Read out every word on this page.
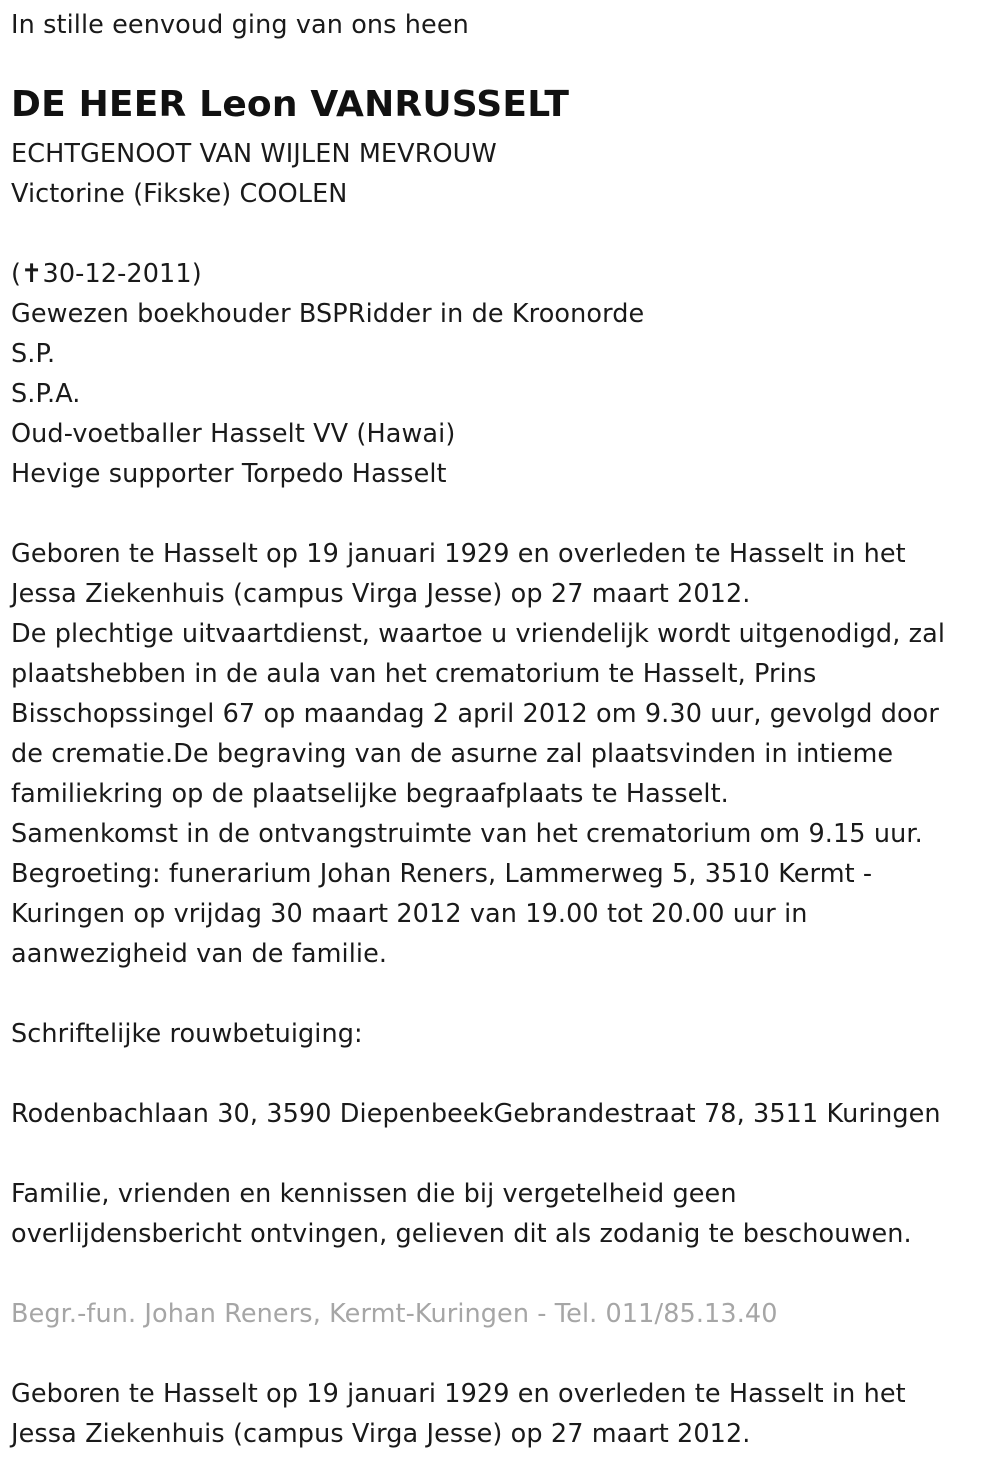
In stille eenvoud ging van ons heen
DE HEER Leon VANRUSSELT
ECHTGENOOT VAN WIJLEN MEVROUW
Victorine (Fikske) COOLEN
(✝30-12-2011)
Gewezen boekhouder BSPRidder in de Kroonorde
S.P.
S.P.A.
Oud-voetballer Hasselt VV (Hawai)
Hevige supporter Torpedo Hasselt
Geboren te Hasselt op 19 januari 1929 en overleden te Hasselt in het
Jessa Ziekenhuis (campus Virga Jesse) op 27 maart 2012.
De plechtige uitvaartdienst, waartoe u vriendelijk wordt uitgenodigd, zal
plaatshebben in de aula van het crematorium te Hasselt, Prins
Bisschopssingel 67 op maandag 2 april 2012 om 9.30 uur, gevolgd door
de crematie.De begraving van de asurne zal plaatsvinden in intieme
familiekring op de plaatselijke begraafplaats te Hasselt.
Samenkomst in de ontvangstruimte van het crematorium om 9.15 uur.
Begroeting: funerarium Johan Reners, Lammerweg 5, 3510 Kermt -
Kuringen op vrijdag 30 maart 2012 van 19.00 tot 20.00 uur in
aanwezigheid van de familie.
Schriftelijke rouwbetuiging:
Rodenbachlaan 30, 3590 DiepenbeekGebrandestraat 78, 3511 Kuringen
Familie, vrienden en kennissen die bij vergetelheid geen
overlijdensbericht ontvingen, gelieven dit als zodanig te beschouwen.
Begr.-fun. Johan Reners, Kermt-Kuringen - Tel. 011/85.13.40
Geboren te Hasselt op 19 januari 1929 en overleden te Hasselt in het
Jessa Ziekenhuis (campus Virga Jesse) op 27 maart 2012.
